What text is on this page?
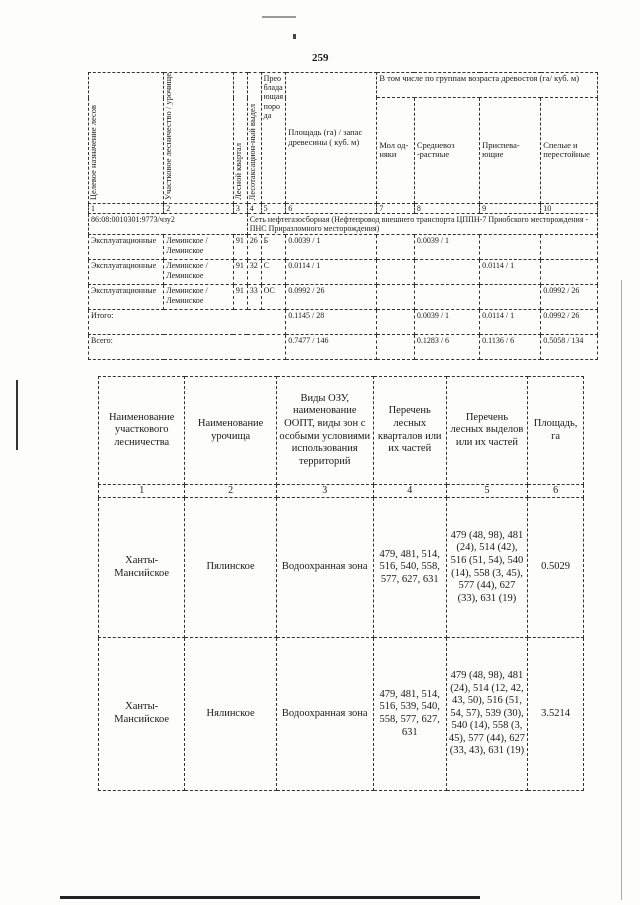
259
Целевое назначение лесов	Участковое лесничество / урочище	Лесной квартал	Лесотаксацион-ный выдел	Преобладающая порода	Площадь (га) / запас древесины ( куб. м)	В том числе по группам возраста древостоя (га/ куб. м)			
						Мол од-няки	Средневоз -растные	Приспева-ющие	Спелые и перестойные
1	2	3	4	5	6	7	8	9	10
86:08:0010301:9773/чзу2			Сеть нефтегазосборная (Нефтепровод внешнего транспорта ЦППН-7 Приобского месторождения - ПНС Приразломного месторождения)						
Эксплуатационные	Леминское / Леминское	91	26	Б	0.0039 / 1		0.0039 / 1		
Эксплуатационные	Леминское / Леминское	91	32	С	0.0114 / 1			0.0114 / 1	
Эксплуатационные	Леминское / Леминское	91	33	ОС	0.0992 / 26				0.0992 / 26
Итого:					0.1145 / 28		0.0039 / 1	0.0114 / 1	0.0992 / 26
Всего:					0.7477 / 146		0.1283 / 6	0.1136 / 6	0.5058 / 134
Наименование участкового лесничества	Наименование урочища	Виды ОЗУ, наименование ООПТ, виды зон с особыми условиями использования территорий	Перечень лесных кварталов или их частей	Перечень лесных выделов или их частей	Площадь, га
1	2	3	4	5	6
Ханты-Мансийское	Пялинское	Водоохранная зона	479, 481, 514, 516, 540, 558, 577, 627, 631	479 (48, 98), 481 (24), 514 (42), 516 (51, 54), 540 (14), 558 (3, 45), 577 (44), 627 (33), 631 (19)	0.5029
Ханты-Мансийское	Нялинское	Водоохранная зона	479, 481, 514, 516, 539, 540, 558, 577, 627, 631	479 (48, 98), 481 (24), 514 (12, 42, 43, 50), 516 (51, 54, 57), 539 (30), 540 (14), 558 (3, 45), 577 (44), 627 (33, 43), 631 (19)	3.5214
